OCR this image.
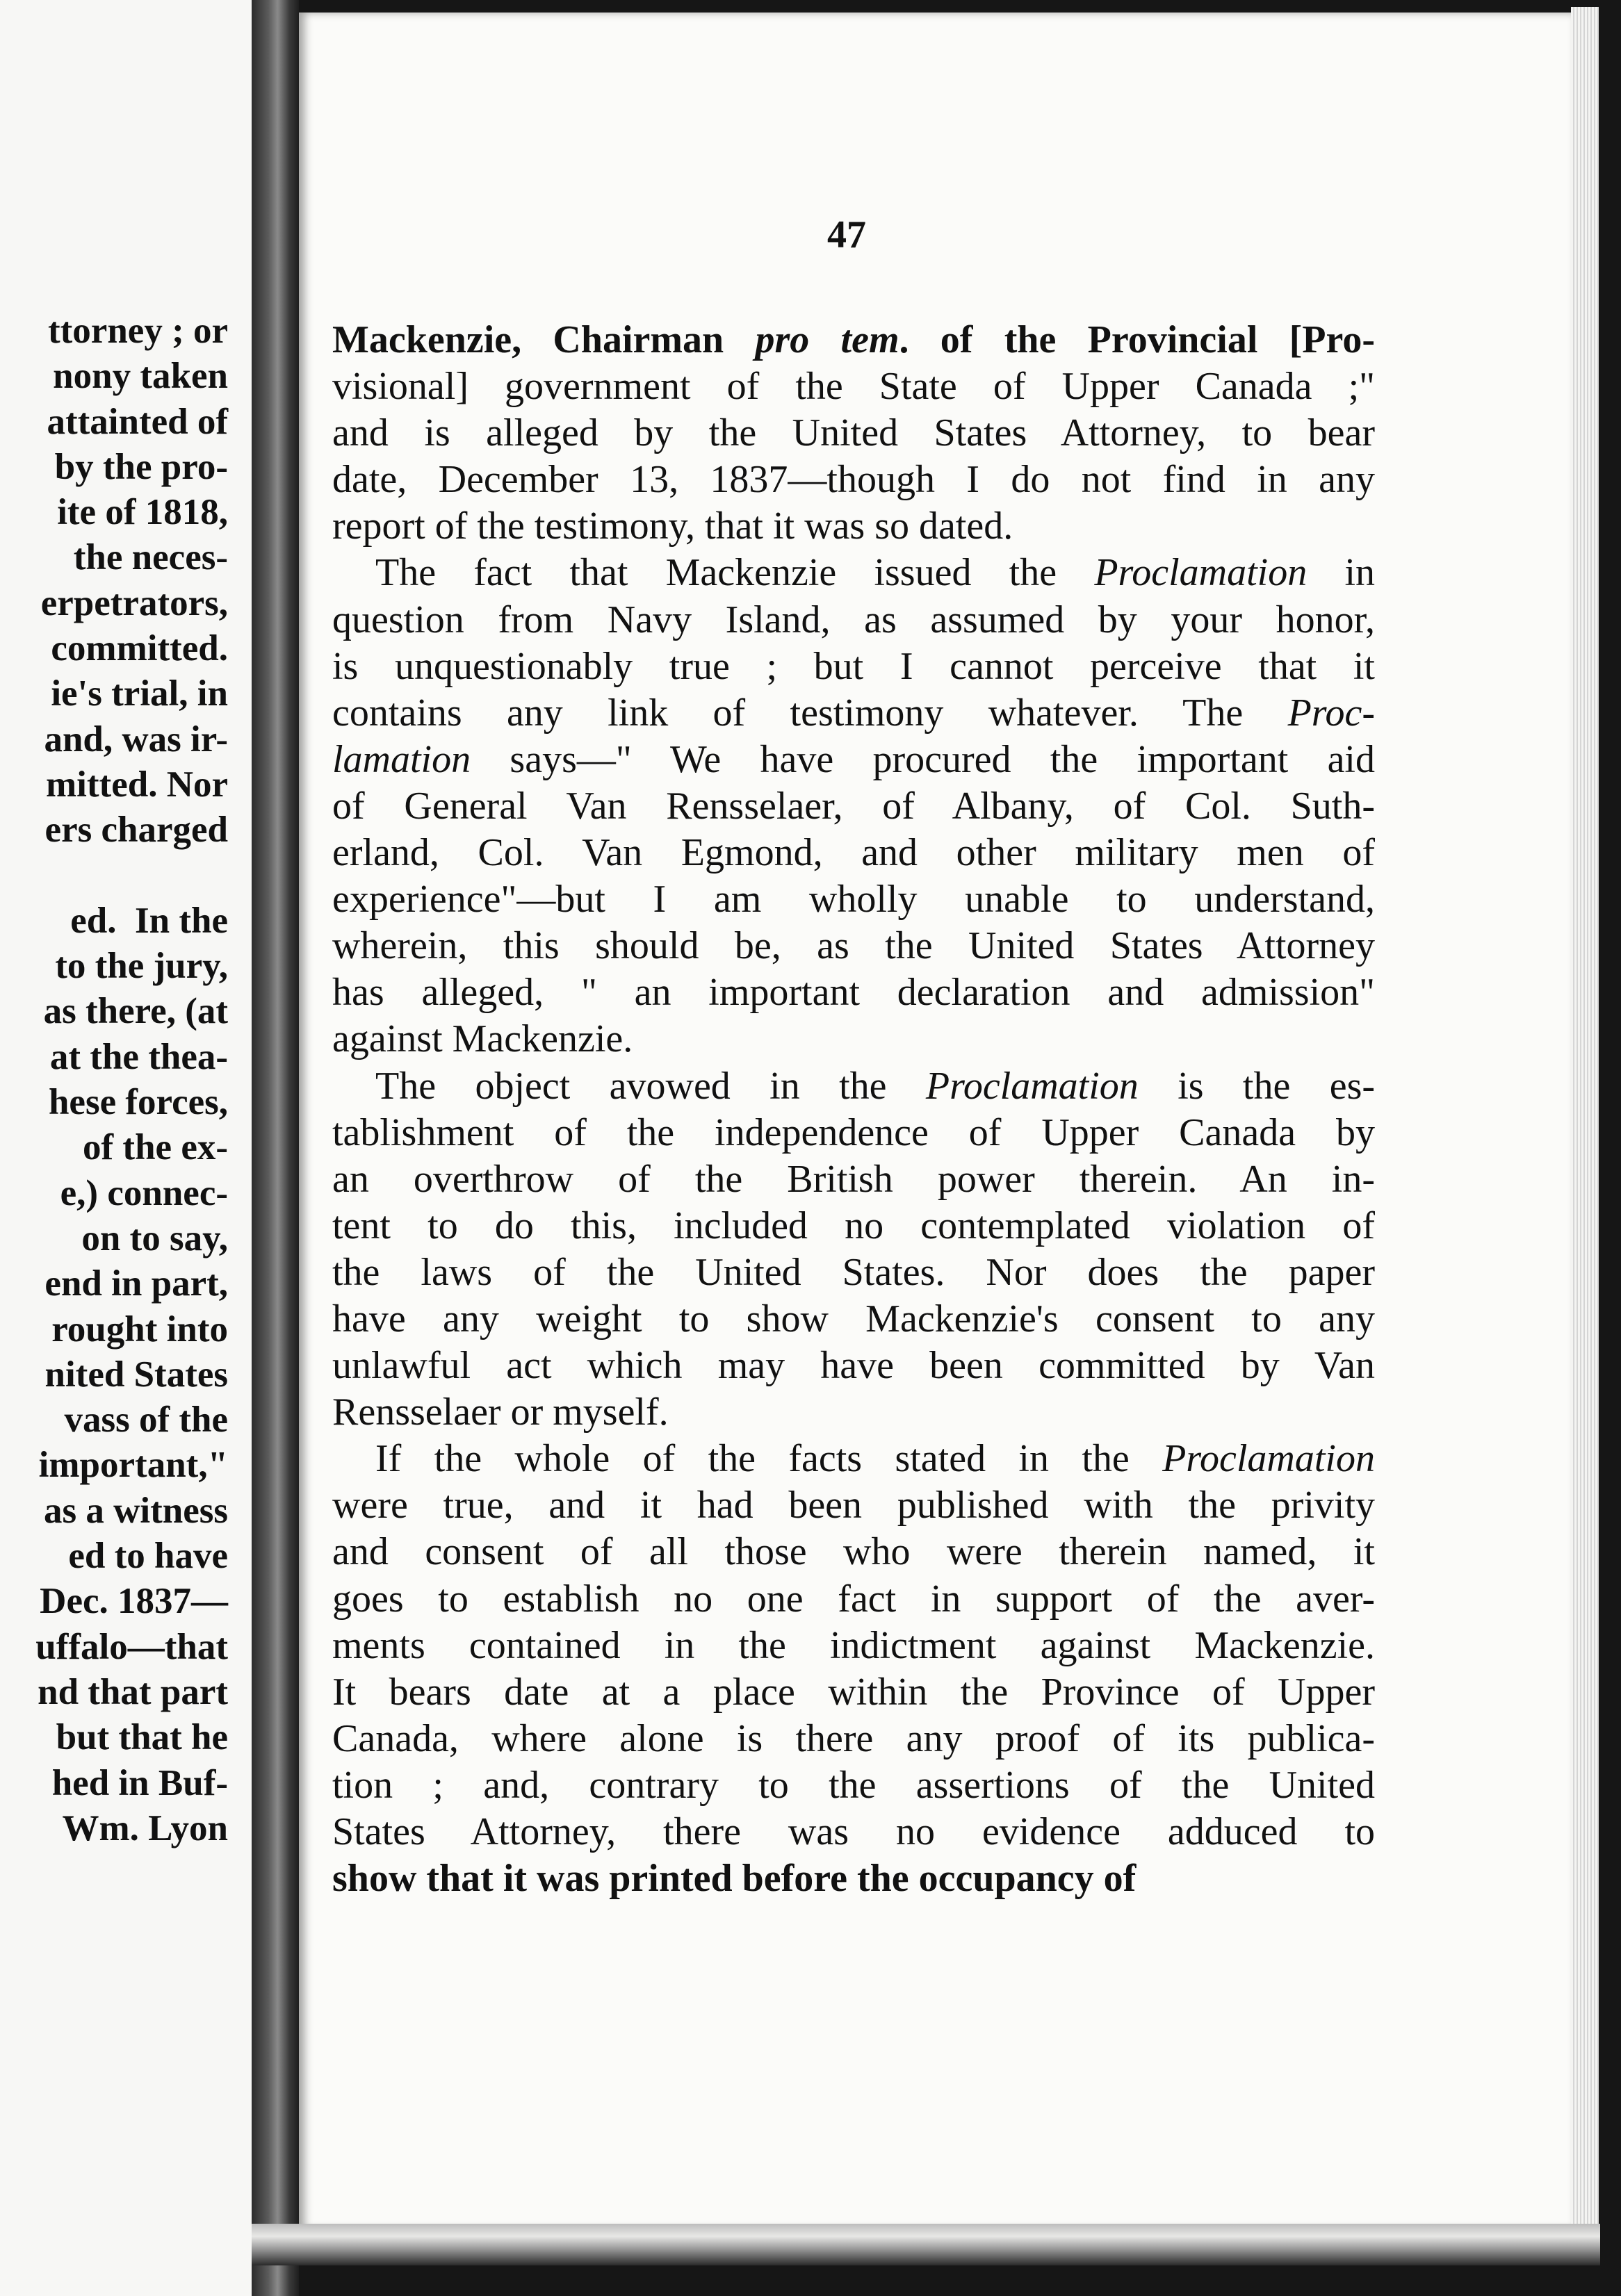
ttorney ; or
nony taken
attainted of
by the pro-
ite of 1818,
the neces-
erpetrators,
committed.
ie's trial, in
and, was ir-
mitted. Nor
ers charged

ed.  In the
to the jury,
as there, (at
at the thea-
hese forces,
of the ex-
e,) connec-
on to say,
end in part,
rought into
nited States
vass of the
important,"
as a witness
ed to have
Dec. 1837—
uffalo—that
nd that part
but that he
hed in Buf-
Wm. Lyon
47
Mackenzie, Chairman pro tem. of the Provincial [Pro-
visional] government of the State of Upper Canada ;"
and is alleged by the United States Attorney, to bear
date, December 13, 1837—though I do not find in any
report of the testimony, that it was so dated.
The fact that Mackenzie issued the Proclamation in
question from Navy Island, as assumed by your honor,
is unquestionably true ; but I cannot perceive that it
contains any link of testimony whatever. The Proc-
lamation says—" We have procured the important aid
of General Van Rensselaer, of Albany, of Col. Suth-
erland, Col. Van Egmond, and other military men of
experience"—but I am wholly unable to understand,
wherein, this should be, as the United States Attorney
has alleged, " an important declaration and admission"
against Mackenzie.
The object avowed in the Proclamation is the es-
tablishment of the independence of Upper Canada by
an overthrow of the British power therein. An in-
tent to do this, included no contemplated violation of
the laws of the United States. Nor does the paper
have any weight to show Mackenzie's consent to any
unlawful act which may have been committed by Van
Rensselaer or myself.
If the whole of the facts stated in the Proclamation
were true, and it had been published with the privity
and consent of all those who were therein named, it
goes to establish no one fact in support of the aver-
ments contained in the indictment against Mackenzie.
It bears date at a place within the Province of Upper
Canada, where alone is there any proof of its publica-
tion ; and, contrary to the assertions of the United
States Attorney, there was no evidence adduced to
show that it was printed before the occupancy of
